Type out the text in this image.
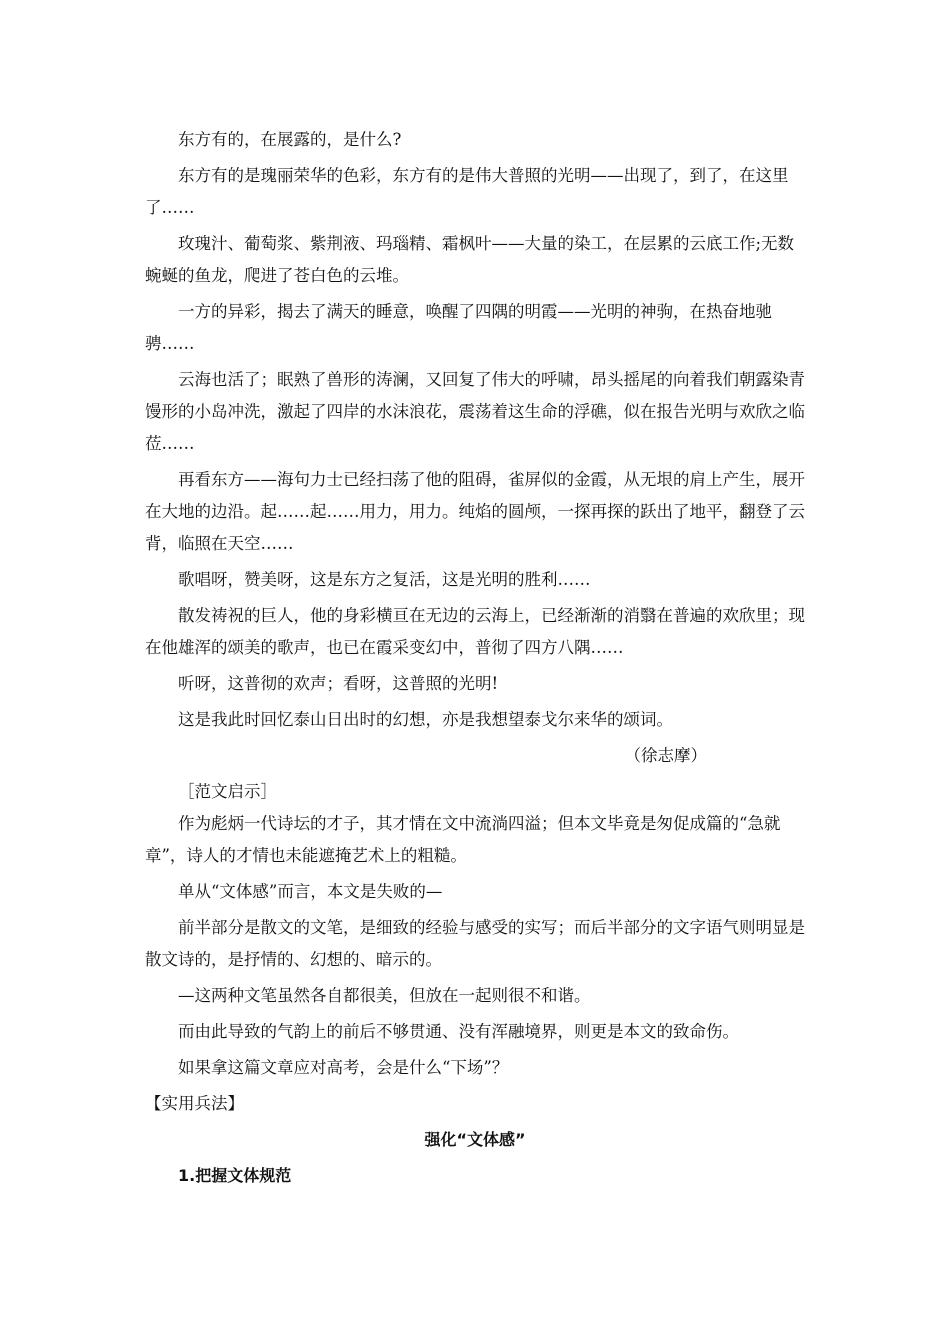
东方有的，在展露的，是什么?

东方有的是瑰丽荣华的色彩，东方有的是伟大普照的光明——出现了，到了，在这里了……

玫瑰汁、葡萄浆、紫荆液、玛瑙精、霜枫叶——大量的染工，在层累的云底工作;无数蜿蜒的鱼龙，爬进了苍白色的云堆。

一方的异彩，揭去了满天的睡意，唤醒了四隅的明霞——光明的神驹，在热奋地驰骋……

云海也活了；眠熟了兽形的涛澜，又回复了伟大的呼啸，昂头摇尾的向着我们朝露染青馒形的小岛冲洗，激起了四岸的水沫浪花，震荡着这生命的浮礁，似在报告光明与欢欣之临莅……

再看东方——海句力士已经扫荡了他的阻碍，雀屏似的金霞，从无垠的肩上产生，展开在大地的边沿。起……起……用力，用力。纯焰的圆颅，一探再探的跃出了地平，翻登了云背，临照在天空……

歌唱呀，赞美呀，这是东方之复活，这是光明的胜利……

散发祷祝的巨人，他的身彩横亘在无边的云海上，已经渐渐的消翳在普遍的欢欣里；现在他雄浑的颂美的歌声，也已在霞采变幻中，普彻了四方八隅……

听呀，这普彻的欢声；看呀，这普照的光明!

这是我此时回忆泰山日出时的幻想，亦是我想望泰戈尔来华的颂词。

（徐志摩）
［范文启示］

作为彪炳一代诗坛的才子，其才情在文中流淌四溢；但本文毕竟是匆促成篇的“急就章”，诗人的才情也未能遮掩艺术上的粗糙。

单从“文体感”而言，本文是失败的—

前半部分是散文的文笔，是细致的经验与感受的实写；而后半部分的文字语气则明显是散文诗的，是抒情的、幻想的、暗示的。

—这两种文笔虽然各自都很美，但放在一起则很不和谐。

而由此导致的气韵上的前后不够贯通、没有浑融境界，则更是本文的致命伤。

如果拿这篇文章应对高考，会是什么“下场”？

【实用兵法】
强化“文体感”
1.把握文体规范
